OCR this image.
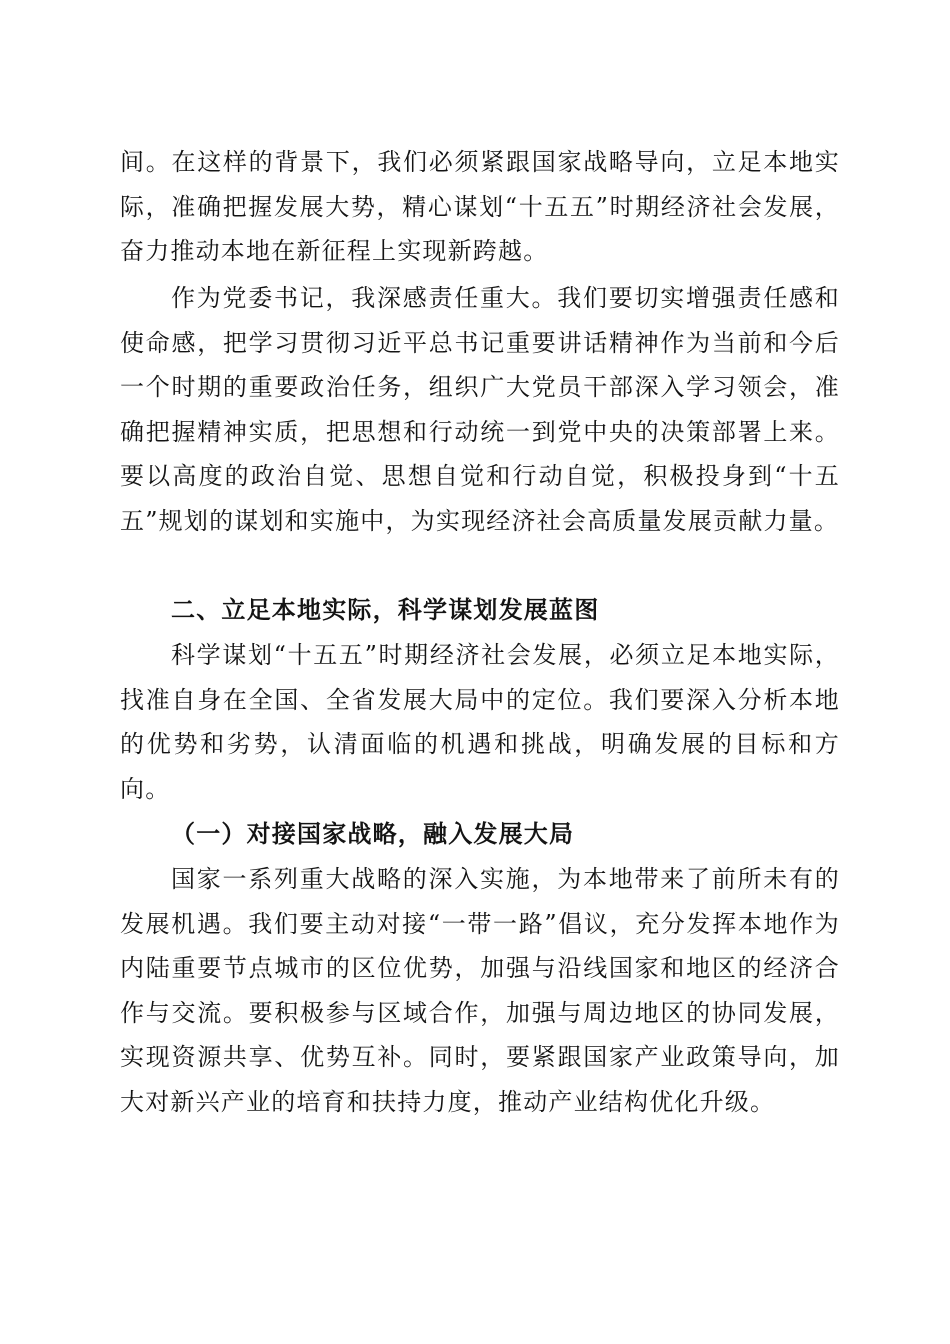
间。在这样的背景下，我们必须紧跟国家战略导向，立足本地实际，准确把握发展大势，精心谋划“十五五”时期经济社会发展，奋力推动本地在新征程上实现新跨越。

作为党委书记，我深感责任重大。我们要切实增强责任感和使命感，把学习贯彻习近平总书记重要讲话精神作为当前和今后一个时期的重要政治任务，组织广大党员干部深入学习领会，准确把握精神实质，把思想和行动统一到党中央的决策部署上来。要以高度的政治自觉、思想自觉和行动自觉，积极投身到“十五五”规划的谋划和实施中，为实现经济社会高质量发展贡献力量。

二、立足本地实际，科学谋划发展蓝图

科学谋划“十五五”时期经济社会发展，必须立足本地实际，找准自身在全国、全省发展大局中的定位。我们要深入分析本地的优势和劣势，认清面临的机遇和挑战，明确发展的目标和方向。

（一）对接国家战略，融入发展大局

国家一系列重大战略的深入实施，为本地带来了前所未有的发展机遇。我们要主动对接“一带一路”倡议，充分发挥本地作为内陆重要节点城市的区位优势，加强与沿线国家和地区的经济合作与交流。要积极参与区域合作，加强与周边地区的协同发展，实现资源共享、优势互补。同时，要紧跟国家产业政策导向，加大对新兴产业的培育和扶持力度，推动产业结构优化升级。
